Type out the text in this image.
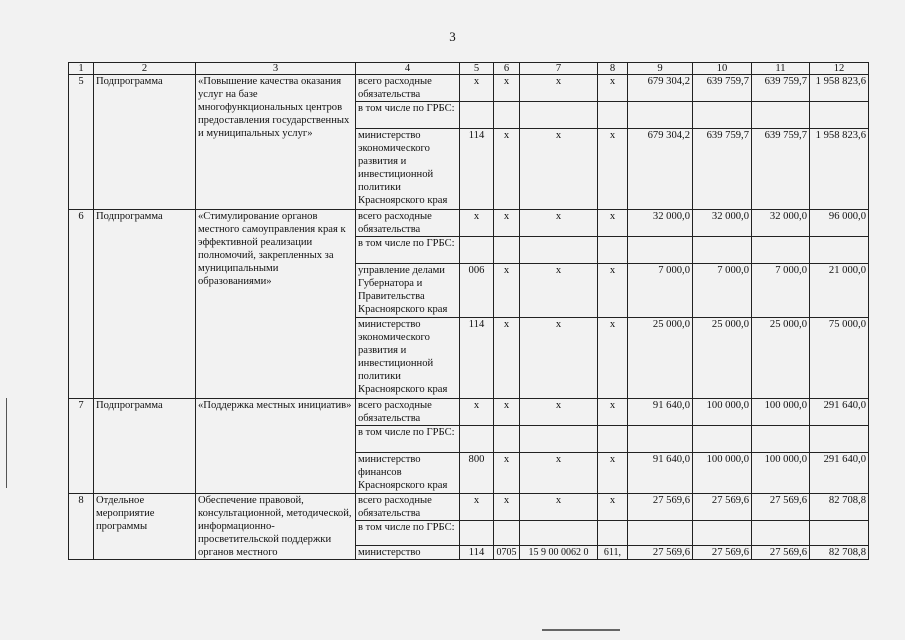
3
1	2	3	4	5	6	7	8	9	10	11	12
5	Подпрограмма	«Повышение качества оказания услуг на базе многофункциональных центров предоставления государственных и муниципальных услуг»	всего расходные обязательства	х	х	х	х	679 304,2	639 759,7	639 759,7	1 958 823,6
			в том числе по ГРБС:								
			министерство экономического развития и инвестиционной политики Красноярского края	114	х	х	х	679 304,2	639 759,7	639 759,7	1 958 823,6
6	Подпрограмма	«Стимулирование органов местного самоуправления края к эффективной реализации полномочий, закрепленных за муниципальными образованиями»	всего расходные обязательства	х	х	х	х	32 000,0	32 000,0	32 000,0	96 000,0
			в том числе по ГРБС:								
			управление делами Губернатора и Правительства Красноярского края	006	х	х	х	7 000,0	7 000,0	7 000,0	21 000,0
			министерство экономического развития и инвестиционной политики Красноярского края	114	х	х	х	25 000,0	25 000,0	25 000,0	75 000,0
7	Подпрограмма	«Поддержка местных инициатив»	всего расходные обязательства	х	х	х	х	91 640,0	100 000,0	100 000,0	291 640,0
			в том числе по ГРБС:								
			министерство финансов Красноярского края	800	х	х	х	91 640,0	100 000,0	100 000,0	291 640,0
8	Отдельное мероприятие программы	Обеспечение правовой, консультационной, методической, информационно-просветительской поддержки органов местного	всего расходные обязательства	х	х	х	х	27 569,6	27 569,6	27 569,6	82 708,8
			в том числе по ГРБС:								
			министерство	114	0705	15 9 00 0062 0	611,	27 569,6	27 569,6	27 569,6	82 708,8
